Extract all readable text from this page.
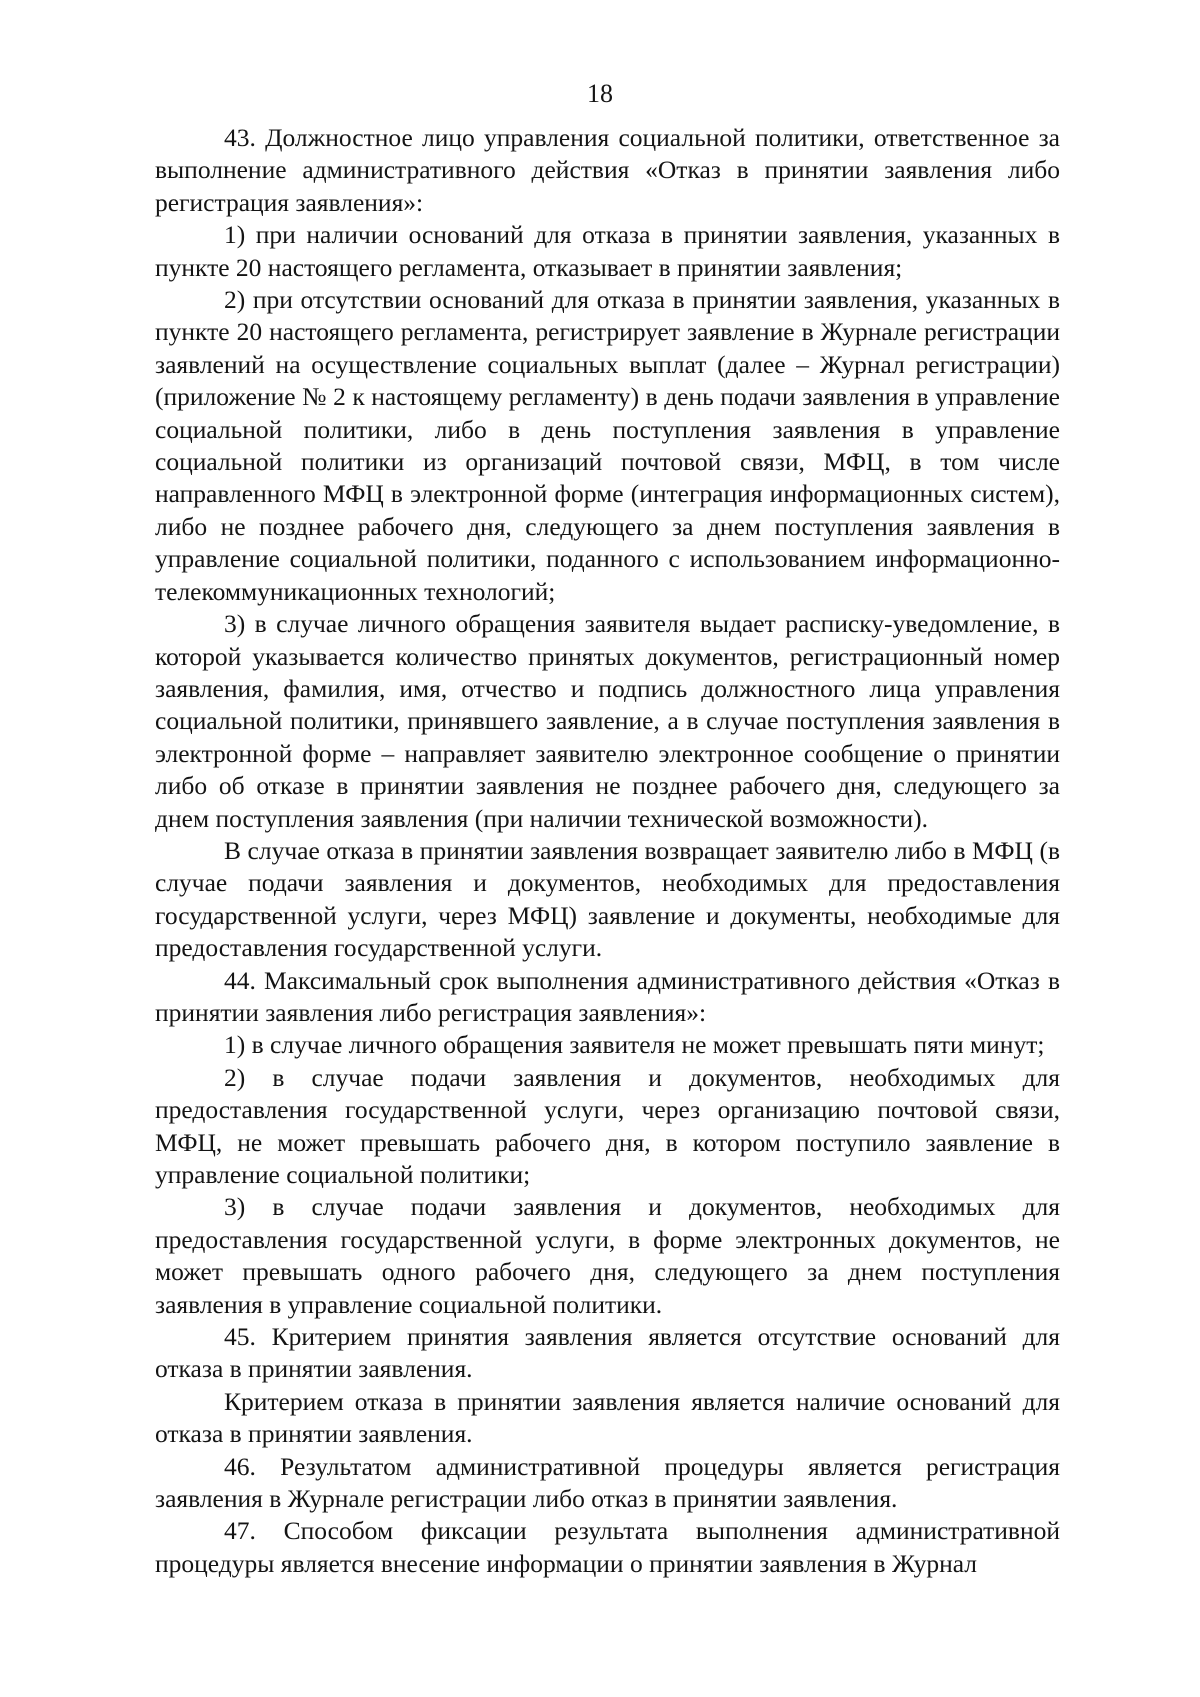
18

43. Должностное лицо управления социальной политики, ответственное за выполнение административного действия «Отказ в принятии заявления либо регистрация заявления»:

1) при наличии оснований для отказа в принятии заявления, указанных в пункте 20 настоящего регламента, отказывает в принятии заявления;

2) при отсутствии оснований для отказа в принятии заявления, указанных в пункте 20 настоящего регламента, регистрирует заявление в Журнале регистрации заявлений на осуществление социальных выплат (далее – Журнал регистрации) (приложение № 2 к настоящему регламенту) в день подачи заявления в управление социальной политики, либо в день поступления заявления в управление социальной политики из организаций почтовой связи, МФЦ, в том числе направленного МФЦ в электронной форме (интеграция информационных систем), либо не позднее рабочего дня, следующего за днем поступления заявления в управление социальной политики, поданного с использованием информационно-телекоммуникационных технологий;

3) в случае личного обращения заявителя выдает расписку-уведомление, в которой указывается количество принятых документов, регистрационный номер заявления, фамилия, имя, отчество и подпись должностного лица управления социальной политики, принявшего заявление, а в случае поступления заявления в электронной форме – направляет заявителю электронное сообщение о принятии либо об отказе в принятии заявления не позднее рабочего дня, следующего за днем поступления заявления (при наличии технической возможности).

В случае отказа в принятии заявления возвращает заявителю либо в МФЦ (в случае подачи заявления и документов, необходимых для предоставления государственной услуги, через МФЦ) заявление и документы, необходимые для предоставления государственной услуги.

44. Максимальный срок выполнения административного действия «Отказ в принятии заявления либо регистрация заявления»:

1) в случае личного обращения заявителя не может превышать пяти минут;

2) в случае подачи заявления и документов, необходимых для предоставления государственной услуги, через организацию почтовой связи, МФЦ, не может превышать рабочего дня, в котором поступило заявление в управление социальной политики;

3) в случае подачи заявления и документов, необходимых для предоставления государственной услуги, в форме электронных документов, не может превышать одного рабочего дня, следующего за днем поступления заявления в управление социальной политики.

45. Критерием принятия заявления является отсутствие оснований для отказа в принятии заявления.

Критерием отказа в принятии заявления является наличие оснований для отказа в принятии заявления.

46. Результатом административной процедуры является регистрация заявления в Журнале регистрации либо отказ в принятии заявления.

47. Способом фиксации результата выполнения административной процедуры является внесение информации о принятии заявления в Журнал
